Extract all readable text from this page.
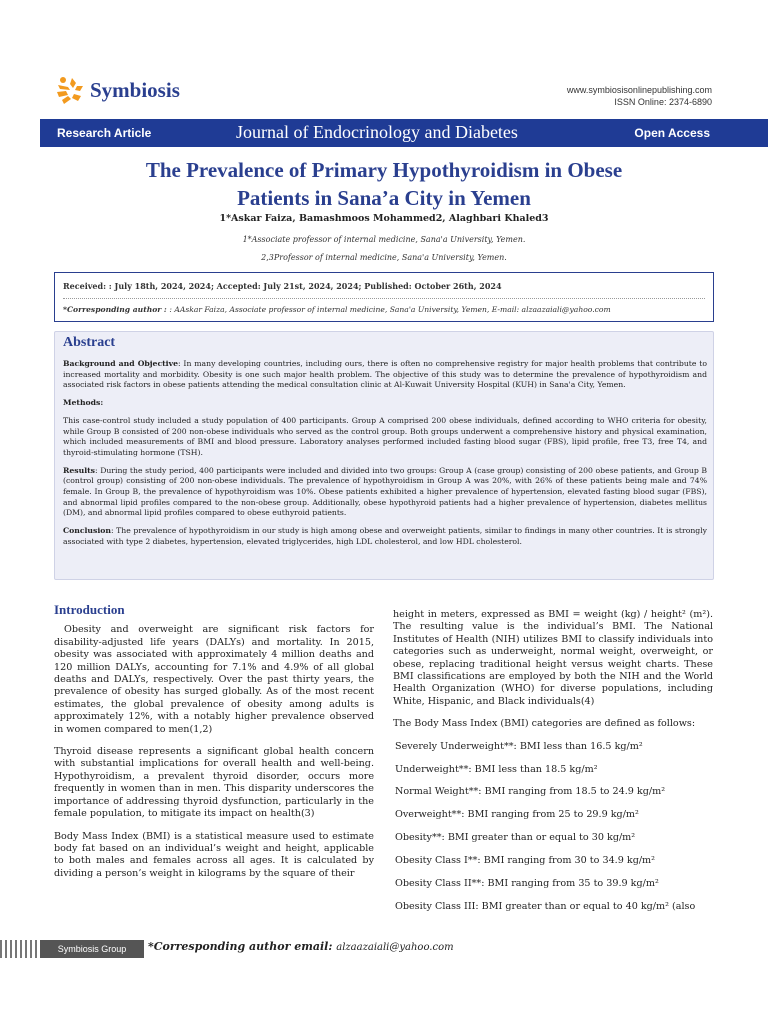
Symbiosis	www.symbiosisonlinepublishing.com
ISSN Online: 2374-6890
Research Article	Journal of Endocrinology and Diabetes	Open Access
The Prevalence of Primary Hypothyroidism in Obese
Patients in Sana’a City in Yemen
1*Askar Faiza, Bamashmoos Mohammed2, Alaghbari Khaled3
1*Associate professor of internal medicine, Sana'a University, Yemen.
2,3Professor of internal medicine, Sana'a University, Yemen.
Received: : July 18th, 2024, 2024; Accepted: July 21st, 2024, 2024; Published: October 26th, 2024
*Corresponding author : : AAskar Faiza, Associate professor of internal medicine, Sana'a University, Yemen, E-mail: alzaazaiali@yahoo.com
Abstract

Background and Objective: In many developing countries, including ours, there is often no comprehensive registry for major health problems that contribute to increased mortality and morbidity. Obesity is one such major health problem. The objective of this study was to determine the prevalence of hypothyroidism and associated risk factors in obese patients attending the medical consultation clinic at Al-Kuwait University Hospital (KUH) in Sana'a City, Yemen.

Methods:

This case-control study included a study population of 400 participants. Group A comprised 200 obese individuals, defined according to WHO criteria for obesity, while Group B consisted of 200 non-obese individuals who served as the control group. Both groups underwent a comprehensive history and physical examination, which included measurements of BMI and blood pressure. Laboratory analyses performed included fasting blood sugar (FBS), lipid profile, free T3, free T4, and thyroid-stimulating hormone (TSH).

Results: During the study period, 400 participants were included and divided into two groups: Group A (case group) consisting of 200 obese patients, and Group B (control group) consisting of 200 non-obese individuals. The prevalence of hypothyroidism in Group A was 20%, with 26% of these patients being male and 74% female. In Group B, the prevalence of hypothyroidism was 10%. Obese patients exhibited a higher prevalence of hypertension, elevated fasting blood sugar (FBS), and abnormal lipid profiles compared to the non-obese group. Additionally, obese hypothyroid patients had a higher prevalence of hypertension, diabetes mellitus (DM), and abnormal lipid profiles compared to obese euthyroid patients.

Conclusion: The prevalence of hypothyroidism in our study is high among obese and overweight patients, similar to findings in many other countries. It is strongly associated with type 2 diabetes, hypertension, elevated triglycerides, high LDL cholesterol, and low HDL cholesterol.

Introduction

Obesity and overweight are significant risk factors for disability-adjusted life years (DALYs) and mortality. In 2015, obesity was associated with approximately 4 million deaths and 120 million DALYs, accounting for 7.1% and 4.9% of all global deaths and DALYs, respectively. Over the past thirty years, the prevalence of obesity has surged globally. As of the most recent estimates, the global prevalence of obesity among adults is approximately 12%, with a notably higher prevalence observed in women compared to men(1,2)

Thyroid disease represents a significant global health concern with substantial implications for overall health and well-being. Hypothyroidism, a prevalent thyroid disorder, occurs more frequently in women than in men. This disparity underscores the importance of addressing thyroid dysfunction, particularly in the female population, to mitigate its impact on health(3)

Body Mass Index (BMI) is a statistical measure used to estimate body fat based on an individual’s weight and height, applicable to both males and females across all ages. It is calculated by dividing a person’s weight in kilograms by the square of their

height in meters, expressed as BMI = weight (kg) / height² (m²). The resulting value is the individual’s BMI. The National Institutes of Health (NIH) utilizes BMI to classify individuals into categories such as underweight, normal weight, overweight, or obese, replacing traditional height versus weight charts. These BMI classifications are employed by both the NIH and the World Health Organization (WHO) for diverse populations, including White, Hispanic, and Black individuals(4)

The Body Mass Index (BMI) categories are defined as follows:

Severely Underweight**: BMI less than 16.5 kg/m²
Underweight**: BMI less than 18.5 kg/m²
Normal Weight**: BMI ranging from 18.5 to 24.9 kg/m²
Overweight**: BMI ranging from 25 to 29.9 kg/m²
Obesity**: BMI greater than or equal to 30 kg/m²
Obesity Class I**: BMI ranging from 30 to 34.9 kg/m²
Obesity Class II**: BMI ranging from 35 to 39.9 kg/m²
Obesity Class III: BMI greater than or equal to 40 kg/m² (also
Symbiosis Group	*Corresponding author email: alzaazaiali@yahoo.com
